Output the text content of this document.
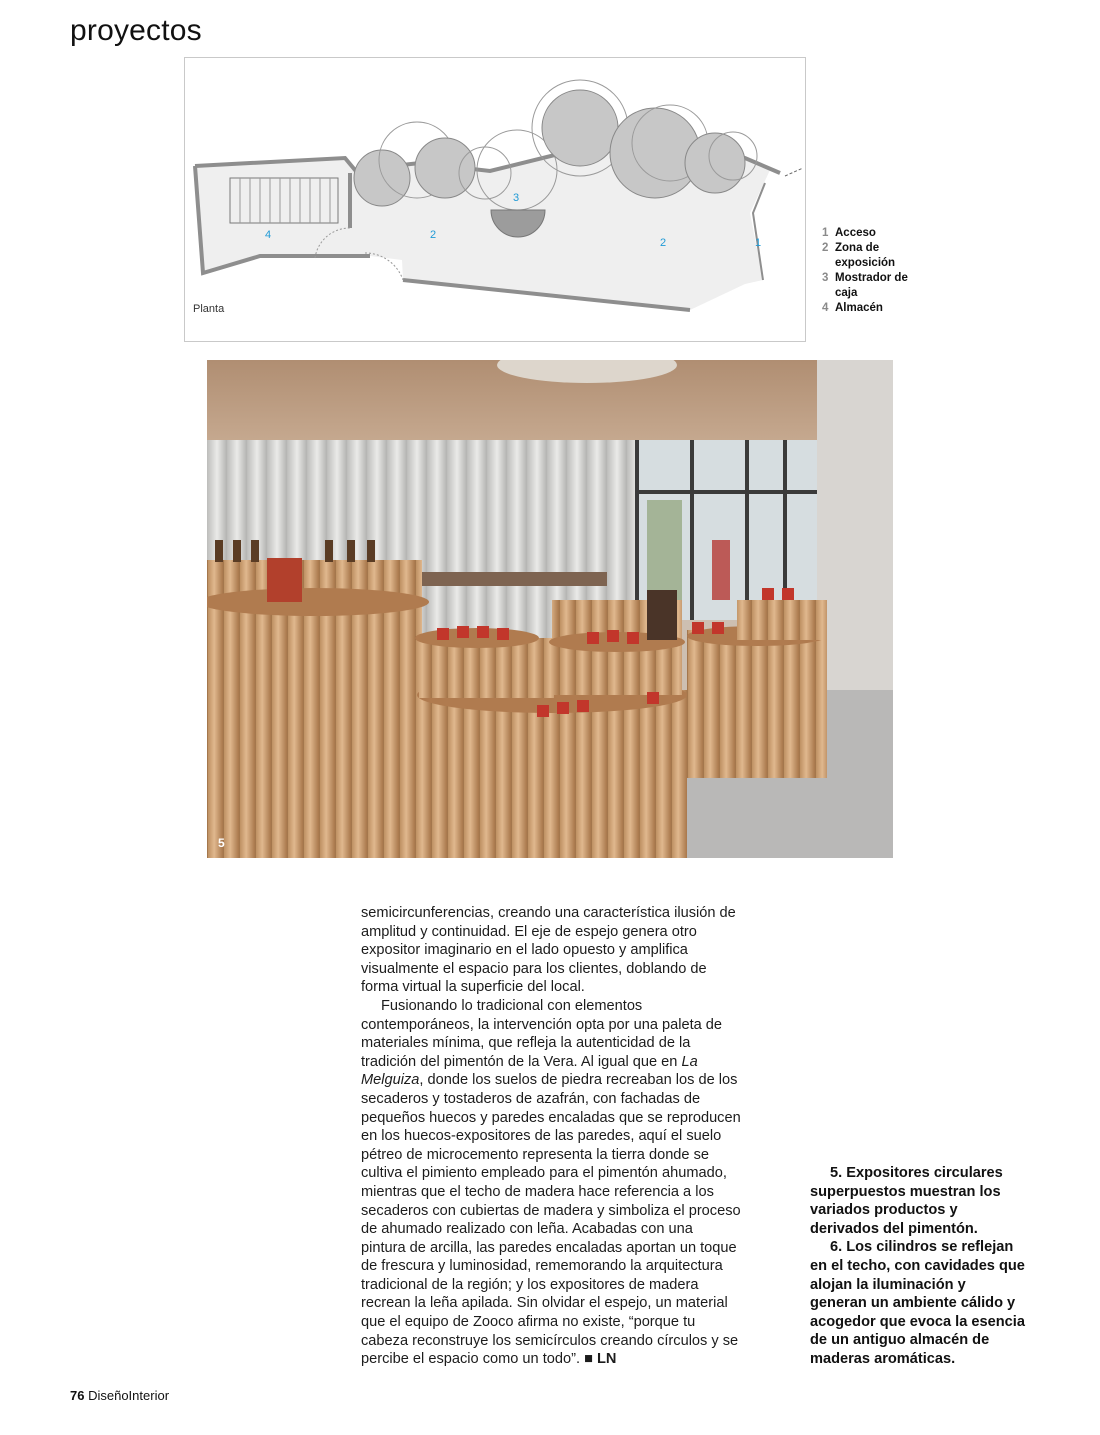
proyectos
4	2
3
2	1
Planta
1 Acceso
2 Zona de exposición
3 Mostrador de caja
4 Almacén
5

semicircunferencias, creando una característica ilusión de amplitud y continuidad. El eje de espejo genera otro expositor imaginario en el lado opuesto y amplifica visualmente el espacio para los clientes, doblando de forma virtual la superficie del local.

Fusionando lo tradicional con elementos contemporáneos, la intervención opta por una paleta de materiales mínima, que refleja la autenticidad de la tradición del pimentón de la Vera. Al igual que en La Melguiza, donde los suelos de piedra recreaban los de los secaderos y tostaderos de azafrán, con fachadas de pequeños huecos y paredes encaladas que se reproducen en los huecos-expositores de las paredes, aquí el suelo pétreo de microcemento representa la tierra donde se cultiva el pimiento empleado para el pimentón ahumado, mientras que el techo de madera hace referencia a los secaderos con cubiertas de madera y simboliza el proceso de ahumado realizado con leña. Acabadas con una pintura de arcilla, las paredes encaladas aportan un toque de frescura y luminosidad, rememorando la arquitectura tradicional de la región; y los expositores de madera recrean la leña apilada. Sin olvidar el espejo, un material que el equipo de Zooco afirma no existe, “porque tu cabeza reconstruye los semicírculos creando círculos y se percibe el espacio como un todo”. ■ LN

5. Expositores circulares superpuestos muestran los variados productos y derivados del pimentón.

6. Los cilindros se reflejan en el techo, con cavidades que alojan la iluminación y generan un ambiente cálido y acogedor que evoca la esencia de un antiguo almacén de maderas aromáticas.

76 DiseñoInterior
